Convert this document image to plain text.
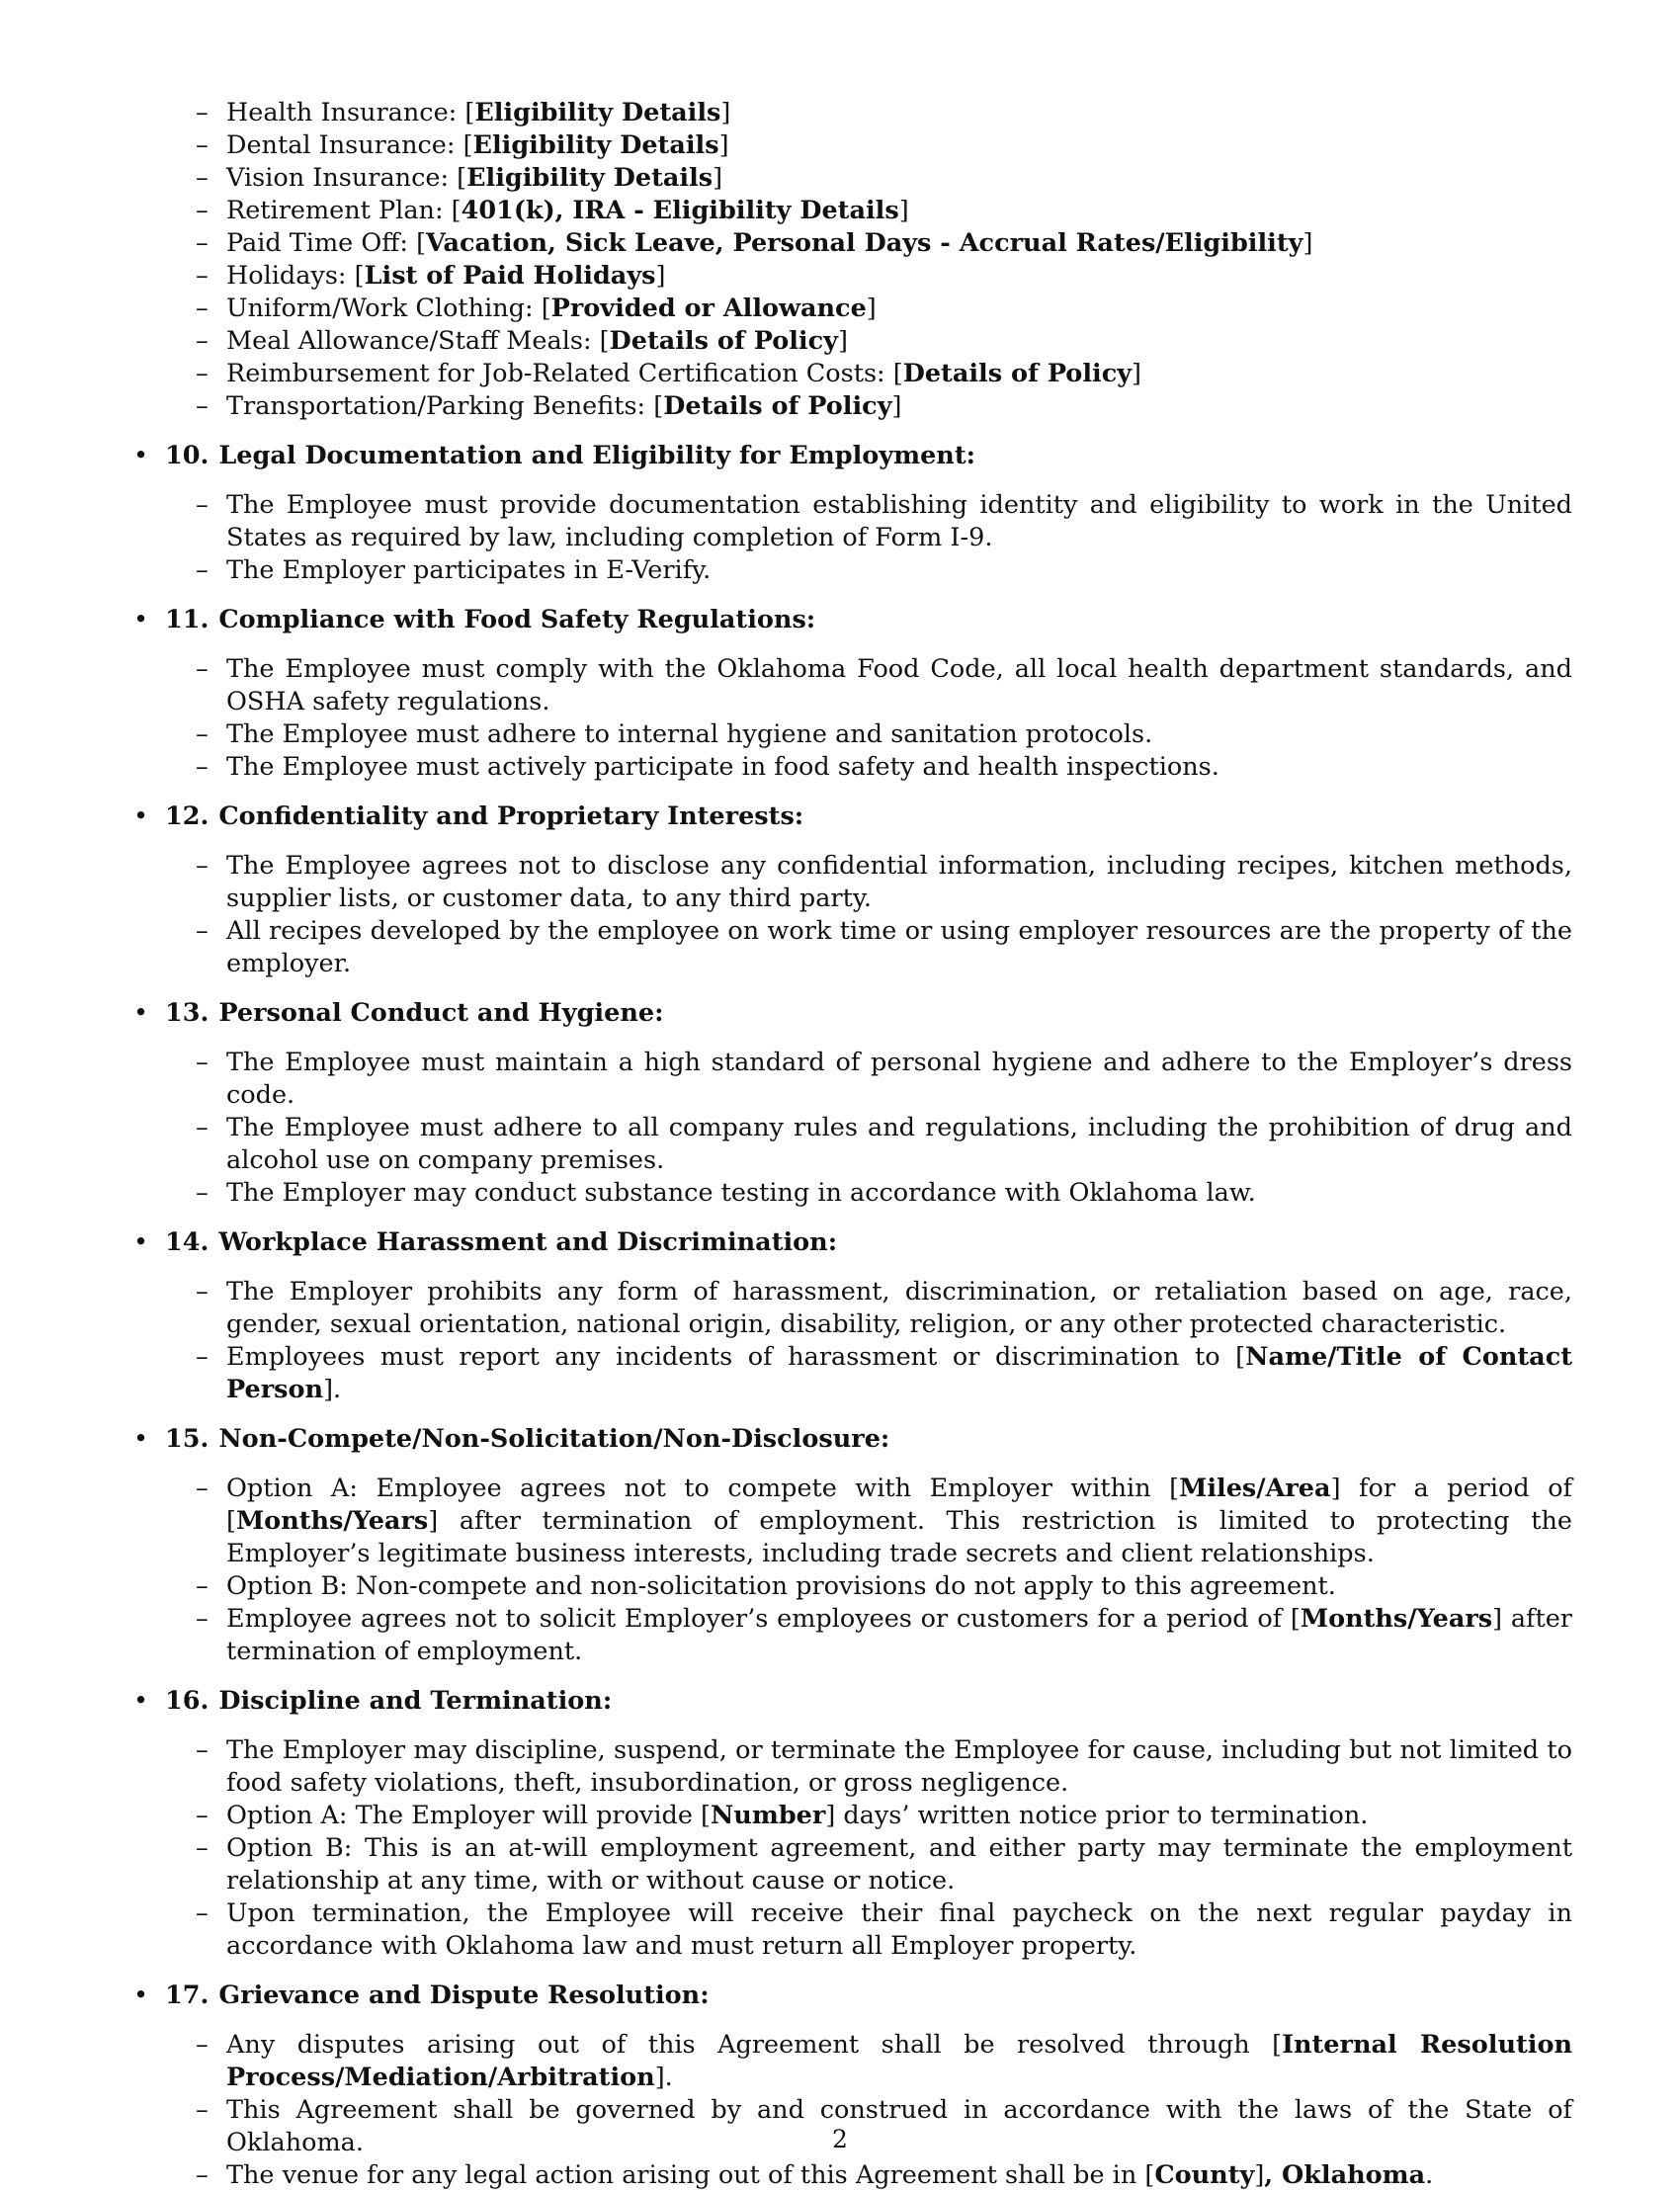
– Health Insurance: [Eligibility Details]
– Dental Insurance: [Eligibility Details]
– Vision Insurance: [Eligibility Details]
– Retirement Plan: [401(k), IRA - Eligibility Details]
– Paid Time Off: [Vacation, Sick Leave, Personal Days - Accrual Rates/Eligibility]
– Holidays: [List of Paid Holidays]
– Uniform/Work Clothing: [Provided or Allowance]
– Meal Allowance/Staff Meals: [Details of Policy]
– Reimbursement for Job-Related Certification Costs: [Details of Policy]
– Transportation/Parking Benefits: [Details of Policy]
• 10. Legal Documentation and Eligibility for Employment:
– The Employee must provide documentation establishing identity and eligibility to work in the United States as required by law, including completion of Form I-9.
– The Employer participates in E-Verify.
• 11. Compliance with Food Safety Regulations:
– The Employee must comply with the Oklahoma Food Code, all local health department standards, and OSHA safety regulations.
– The Employee must adhere to internal hygiene and sanitation protocols.
– The Employee must actively participate in food safety and health inspections.
• 12. Confidentiality and Proprietary Interests:
– The Employee agrees not to disclose any confidential information, including recipes, kitchen methods, supplier lists, or customer data, to any third party.
– All recipes developed by the employee on work time or using employer resources are the property of the employer.
• 13. Personal Conduct and Hygiene:
– The Employee must maintain a high standard of personal hygiene and adhere to the Employer’s dress code.
– The Employee must adhere to all company rules and regulations, including the prohibition of drug and alcohol use on company premises.
– The Employer may conduct substance testing in accordance with Oklahoma law.
• 14. Workplace Harassment and Discrimination:
– The Employer prohibits any form of harassment, discrimination, or retaliation based on age, race, gender, sexual orientation, national origin, disability, religion, or any other protected characteristic.
– Employees must report any incidents of harassment or discrimination to [Name/Title of Contact Person].
• 15. Non-Compete/Non-Solicitation/Non-Disclosure:
– Option A: Employee agrees not to compete with Employer within [Miles/Area] for a period of [Months/Years] after termination of employment. This restriction is limited to protecting the Employer’s legitimate business interests, including trade secrets and client relationships.
– Option B: Non-compete and non-solicitation provisions do not apply to this agreement.
– Employee agrees not to solicit Employer’s employees or customers for a period of [Months/Years] after termination of employment.
• 16. Discipline and Termination:
– The Employer may discipline, suspend, or terminate the Employee for cause, including but not limited to food safety violations, theft, insubordination, or gross negligence.
– Option A: The Employer will provide [Number] days’ written notice prior to termination.
– Option B: This is an at-will employment agreement, and either party may terminate the employment relationship at any time, with or without cause or notice.
– Upon termination, the Employee will receive their final paycheck on the next regular payday in accordance with Oklahoma law and must return all Employer property.
• 17. Grievance and Dispute Resolution:
– Any disputes arising out of this Agreement shall be resolved through [Internal Resolution Process/Mediation/Arbitration].
– This Agreement shall be governed by and construed in accordance with the laws of the State of Oklahoma.
– The venue for any legal action arising out of this Agreement shall be in [County], Oklahoma.
2
